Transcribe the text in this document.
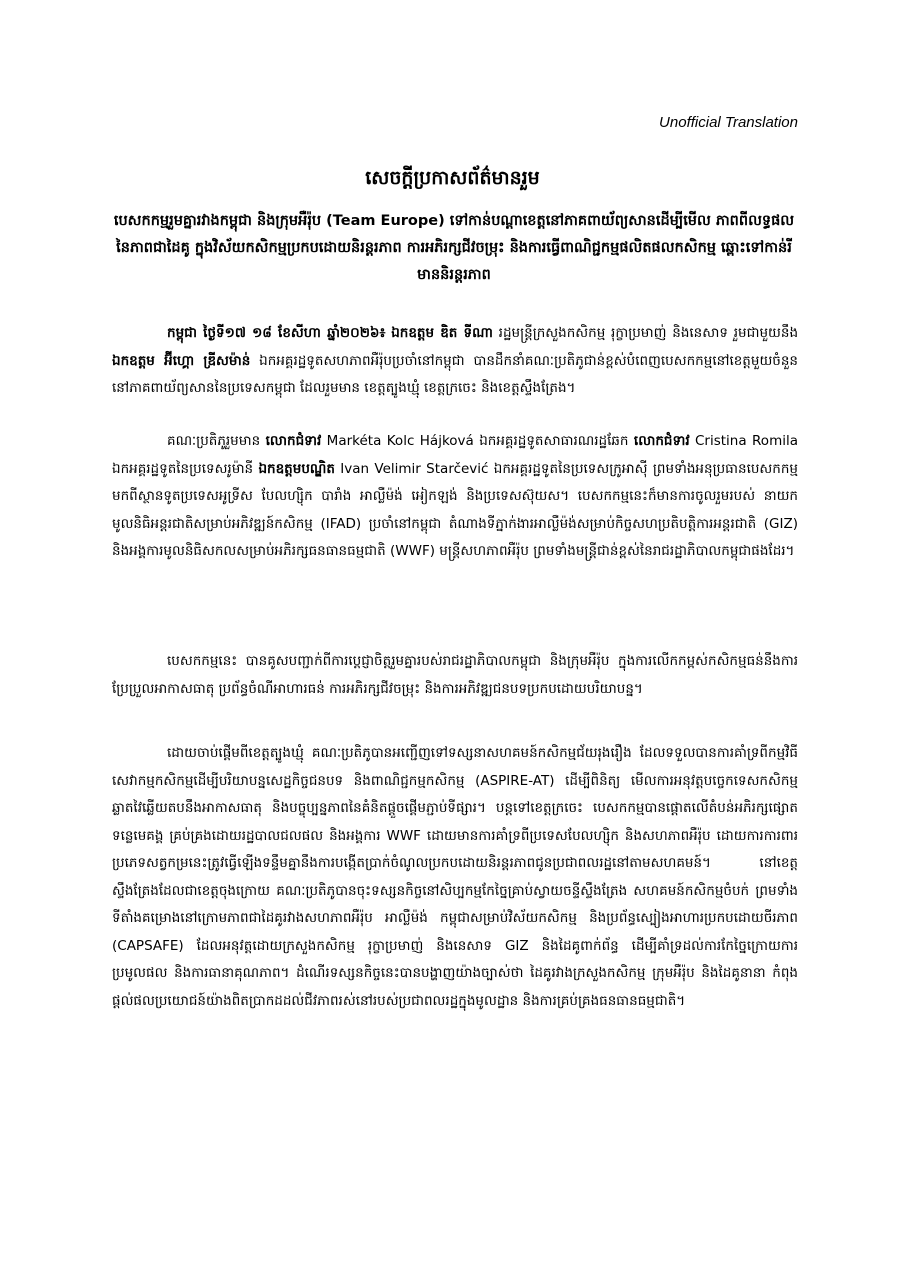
Unofficial Translation
សេចក្តីប្រកាសព័ត៌មានរួម
បេសកកម្មរួមគ្នារវាងកម្ពុជា និងក្រុមអឺរ៉ុប (Team Europe) ទៅកាន់បណ្តាខេត្តនៅភាគពាយ័ព្យសានដើម្បីមើល ភាពពីលទ្ធផលនៃភាពជាដៃគូ ក្នុងវិស័យកសិកម្មប្រកបដោយនិរន្តរភាព ការអភិរក្សជីវចម្រុះ និងការធ្វើពាណិជ្ជកម្មផលិតផលកសិកម្ម ឆ្ពោះទៅកាន់រីមាននិរន្តរភាព
កម្ពុជា ថ្ងៃទី១៧ ១៨ ខែសីហា ឆ្នាំ២០២៦៖ ឯកឧត្តម ឌិត ទីណា រដ្ឋមន្ត្រីក្រសួងកសិកម្ម រុក្ខាប្រមាញ់ និងនេសាទ រួមជាមួយនឹង ឯកឧត្តម អ៊ីហ្គោ ឌ្រីសម៉ាន់ ឯកអគ្គរដ្ឋទូតសហភាពអឺរ៉ុបប្រចាំនៅកម្ពុជា បានដឹកនាំគណៈប្រតិភូជាន់ខ្ពស់បំពេញបេសកកម្មនៅខេត្តមួយចំនួននៅភាគពាយ័ព្យសាននៃប្រទេសកម្ពុជា ដែលរួមមាន ខេត្តត្បូងឃ្មុំ ខេត្តក្រចេះ និងខេត្តស្ទឹងត្រែង។
គណៈប្រតិភូរួមមាន លោកជំទាវ Markéta Kolc Hájková ឯកអគ្គរដ្ឋទូតសាធារណរដ្ឋឆែក លោកជំទាវ Cristina Romila ឯកអគ្គរដ្ឋទូតនៃប្រទេសរូម៉ានី ឯកឧត្តមបណ្ឌិត Ivan Velimir Starčević ឯកអគ្គរដ្ឋទូតនៃប្រទេសក្រូអាស៊ី ព្រមទាំងអនុប្រធានបេសកកម្មមកពីស្ថានទូតប្រទេសអូទ្រីស បែលហ្ស៊ិក បារាំង អាល្លឺម៉ង់ អៀកឡង់ និងប្រទេសស៊ុយស។ បេសកកម្មនេះក៏មានការចូលរួមរបស់ នាយកមូលនិធិអន្តរជាតិសម្រាប់អភិវឌ្ឍន៍កសិកម្ម (IFAD) ប្រចាំនៅកម្ពុជា តំណាងទីភ្នាក់ងារអាល្លឺម៉ង់សម្រាប់កិច្ចសហប្រតិបត្តិការអន្តរជាតិ (GIZ) និងអង្គការមូលនិធិសកលសម្រាប់អភិរក្សធនធានធម្មជាតិ (WWF) មន្ត្រីសហភាពអឺរ៉ុប ព្រមទាំងមន្ត្រីជាន់ខ្ពស់នៃរាជរដ្ឋាភិបាលកម្ពុជាផងដែរ។
បេសកកម្មនេះ បានគូសបញ្ជាក់ពីការប្តេជ្ញាចិត្តរួមគ្នារបស់រាជរដ្ឋាភិបាលកម្ពុជា និងក្រុមអឺរ៉ុប ក្នុងការលើកកម្ពស់កសិកម្មធន់នឹងការប្រែប្រួលអាកាសធាតុ ប្រព័ន្ធចំណីអាហារធន់ ការអភិរក្សជីវចម្រុះ និងការអភិវឌ្ឍជនបទប្រកបដោយបរិយាបន្ន។
ដោយចាប់ផ្តើមពីខេត្តត្បូងឃ្មុំ គណៈប្រតិភូបានអញ្ជើញទៅទស្សនាសហគមន៍កសិកម្មជ័យរុងរឿង ដែលទទួលបានការគាំទ្រពីកម្មវិធីសេវាកម្មកសិកម្មដើម្បីបរិយាបន្នសេដ្ឋកិច្ចជនបទ និងពាណិជ្ជកម្មកសិកម្ម (ASPIRE-AT) ដើម្បីពិនិត្យ មើលការអនុវត្តបច្ចេកទេសកសិកម្មឆ្លាតវៃឆ្លើយតបនឹងអាកាសធាតុ និងបច្ចុប្បន្នភាពនៃគំនិតផ្តួចផ្តើមភ្ជាប់ទីផ្សារ។ បន្តទៅខេត្តក្រចេះ បេសកកម្មបានផ្តោតលើតំបន់អភិរក្សផ្សោតទន្លេមេគង្គ គ្រប់គ្រងដោយរដ្ឋបាលជលផល និងអង្គការ WWF ដោយមានការគាំទ្រពីប្រទេសបែលហ្ស៊ិក និងសហភាពអឺរ៉ុប ដោយការការពារប្រភេទសត្វកម្រនេះត្រូវធ្វើឡើងទន្ទឹមគ្នានឹងការបង្កើតប្រាក់ចំណូលប្រកបដោយនិរន្តរភាពជូនប្រជាពលរដ្ឋនៅតាមសហគមន៍។ នៅខេត្តស្ទឹងត្រែងដែលជាខេត្តចុងក្រោយ គណៈប្រតិភូបានចុះទស្សនកិច្ចនៅសិប្បកម្មកែច្នៃគ្រាប់ស្វាយចន្ទីស្ទឹងត្រែង សហគមន៍កសិកម្មចំបក់ ព្រមទាំងទីតាំងគម្រោងនៅក្រោមភាពជាដៃគូរវាងសហភាពអឺរ៉ុប អាល្លឺម៉ង់ កម្ពុជាសម្រាប់វិស័យកសិកម្ម និងប្រព័ន្ធស្បៀងអាហារប្រកបដោយចីរភាព (CAPSAFE) ដែលអនុវត្តដោយក្រសួងកសិកម្ម រុក្ខាប្រមាញ់ និងនេសាទ GIZ និងដៃគូពាក់ព័ន្ធ ដើម្បីគាំទ្រដល់ការកែច្នៃក្រោយការប្រមូលផល និងការធានាគុណភាព។ ដំណើរទស្សនកិច្ចនេះបានបង្ហាញយ៉ាងច្បាស់ថា ដៃគូរវាងក្រសួងកសិកម្ម ក្រុមអឺរ៉ុប និងដៃគូនានា កំពុងផ្តល់ផលប្រយោជន៍យ៉ាងពិតប្រាកដដល់ជីវភាពរស់នៅរបស់ប្រជាពលរដ្ឋក្នុងមូលដ្ឋាន និងការគ្រប់គ្រងធនធានធម្មជាតិ។
